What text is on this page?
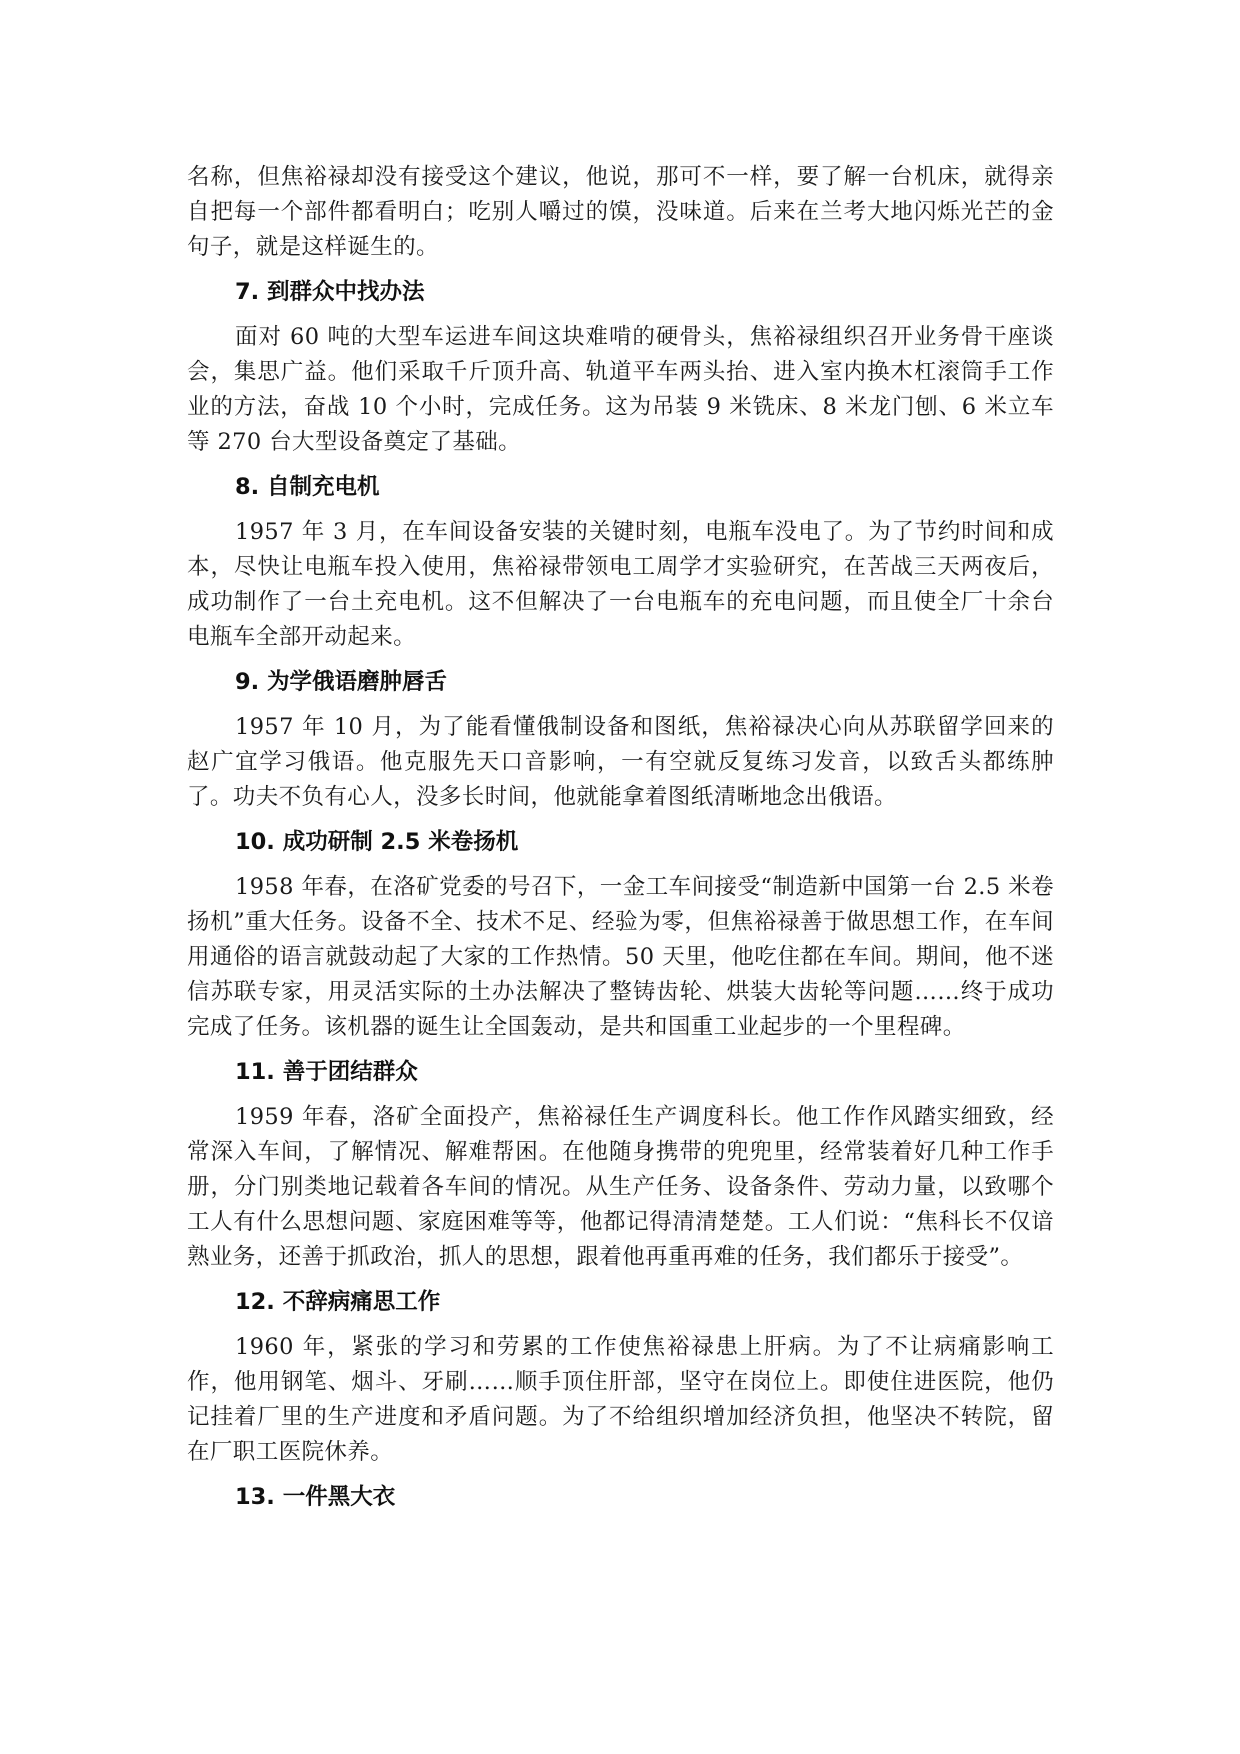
名称，但焦裕禄却没有接受这个建议，他说，那可不一样，要了解一台机床，就得亲自把每一个部件都看明白；吃别人嚼过的馍，没味道。后来在兰考大地闪烁光芒的金句子，就是这样诞生的。

7. 到群众中找办法

面对 60 吨的大型车运进车间这块难啃的硬骨头，焦裕禄组织召开业务骨干座谈会，集思广益。他们采取千斤顶升高、轨道平车两头抬、进入室内换木杠滚筒手工作业的方法，奋战 10 个小时，完成任务。这为吊装 9 米铣床、8 米龙门刨、6 米立车等 270 台大型设备奠定了基础。

8. 自制充电机

1957 年 3 月，在车间设备安装的关键时刻，电瓶车没电了。为了节约时间和成本，尽快让电瓶车投入使用，焦裕禄带领电工周学才实验研究，在苦战三天两夜后，成功制作了一台土充电机。这不但解决了一台电瓶车的充电问题，而且使全厂十余台电瓶车全部开动起来。

9. 为学俄语磨肿唇舌

1957 年 10 月，为了能看懂俄制设备和图纸，焦裕禄决心向从苏联留学回来的赵广宜学习俄语。他克服先天口音影响，一有空就反复练习发音，以致舌头都练肿了。功夫不负有心人，没多长时间，他就能拿着图纸清晰地念出俄语。

10. 成功研制 2.5 米卷扬机

1958 年春，在洛矿党委的号召下，一金工车间接受“制造新中国第一台 2.5 米卷扬机”重大任务。设备不全、技术不足、经验为零，但焦裕禄善于做思想工作，在车间用通俗的语言就鼓动起了大家的工作热情。50 天里，他吃住都在车间。期间，他不迷信苏联专家，用灵活实际的土办法解决了整铸齿轮、烘装大齿轮等问题……终于成功完成了任务。该机器的诞生让全国轰动，是共和国重工业起步的一个里程碑。

11. 善于团结群众

1959 年春，洛矿全面投产，焦裕禄任生产调度科长。他工作作风踏实细致，经常深入车间，了解情况、解难帮困。在他随身携带的兜兜里，经常装着好几种工作手册，分门别类地记载着各车间的情况。从生产任务、设备条件、劳动力量，以致哪个工人有什么思想问题、家庭困难等等，他都记得清清楚楚。工人们说：“焦科长不仅谙熟业务，还善于抓政治，抓人的思想，跟着他再重再难的任务，我们都乐于接受”。

12. 不辞病痛思工作

1960 年，紧张的学习和劳累的工作使焦裕禄患上肝病。为了不让病痛影响工作，他用钢笔、烟斗、牙刷……顺手顶住肝部，坚守在岗位上。即使住进医院，他仍记挂着厂里的生产进度和矛盾问题。为了不给组织增加经济负担，他坚决不转院，留在厂职工医院休养。

13. 一件黑大衣
